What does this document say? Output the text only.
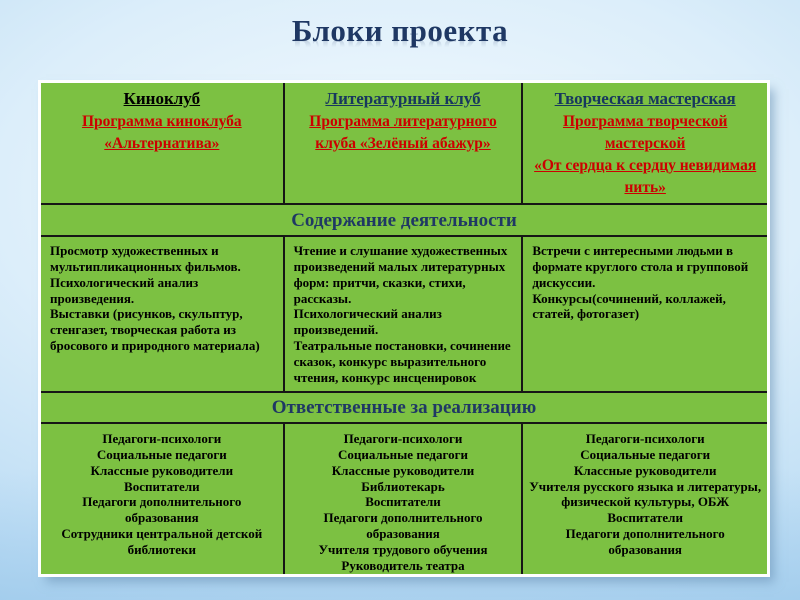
Блоки проекта
Киноклуб
Программа киноклуба «Альтернатива»
Литературный клуб
Программа литературного клуба «Зелёный абажур»
Творческая мастерская
Программа творческой мастерской
«От сердца к сердцу невидимая нить»
Содержание деятельности
Просмотр художественных и мультипликационных фильмов.
Психологический анализ произведения.
Выставки (рисунков, скульптур, стенгазет, творческая работа из бросового и природного материала)
Чтение и слушание художественных произведений малых литературных форм: притчи, сказки, стихи, рассказы.
Психологический анализ произведений.
Театральные постановки, сочинение сказок, конкурс выразительного чтения, конкурс инсценировок
Встречи с интересными людьми в формате круглого стола и групповой дискуссии.
Конкурсы(сочинений, коллажей, статей, фотогазет)
Ответственные за реализацию
Педагоги-психологи
Социальные педагоги
Классные руководители
Воспитатели
Педагоги дополнительного образования
Сотрудники центральной детской библиотеки
Педагоги-психологи
Социальные педагоги
Классные руководители
Библиотекарь
Воспитатели
Педагоги дополнительного образования
Учителя трудового обучения
Руководитель театра
Педагоги-психологи
Социальные педагоги
Классные руководители
Учителя русского языка и литературы, физической культуры, ОБЖ
Воспитатели
Педагоги дополнительного образования
